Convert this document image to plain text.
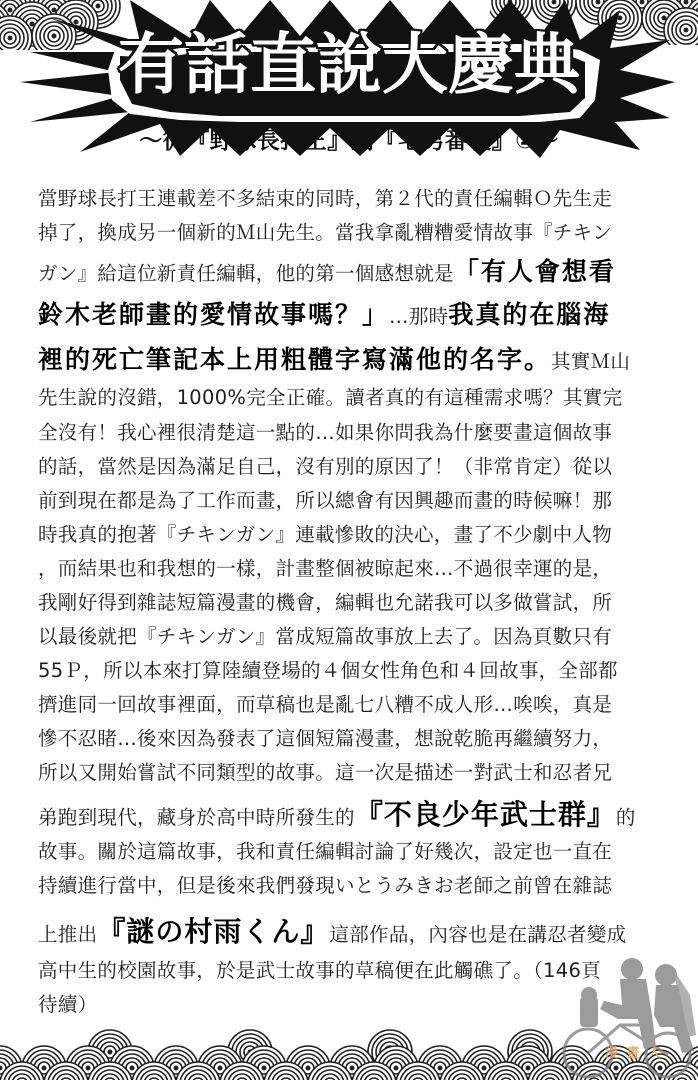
有話直說大慶典
～從『野球長打王』到『宅男番長』②～
當野球長打王連載差不多結束的同時，第２代的責任編輯Ｏ先生走
掉了，換成另一個新的Ｍ山先生。當我拿亂糟糟愛情故事『チキン
ガン』給這位新責任編輯，他的第一個感想就是「有人會想看
鈴木老師畫的愛情故事嗎？」…那時我真的在腦海
裡的死亡筆記本上用粗體字寫滿他的名字。其實Ｍ山
先生說的沒錯，1000%完全正確。讀者真的有這種需求嗎？其實完
全沒有！我心裡很清楚這一點的…如果你問我為什麼要畫這個故事
的話，當然是因為滿足自己，沒有別的原因了！（非常肯定）從以
前到現在都是為了工作而畫，所以總會有因興趣而畫的時候嘛！那
時我真的抱著『チキンガン』連載慘敗的決心，畫了不少劇中人物
，而結果也和我想的一樣，計畫整個被晾起來…不過很幸運的是，
我剛好得到雜誌短篇漫畫的機會，編輯也允諾我可以多做嘗試，所
以最後就把『チキンガン』當成短篇故事放上去了。因為頁數只有
55Ｐ，所以本來打算陸續登場的４個女性角色和４回故事，全部都
擠進同一回故事裡面，而草稿也是亂七八糟不成人形…唉唉，真是
慘不忍睹…後來因為發表了這個短篇漫畫，想說乾脆再繼續努力，
所以又開始嘗試不同類型的故事。這一次是描述一對武士和忍者兄
弟跑到現代，藏身於高中時所發生的『不良少年武士群』的
故事。關於這篇故事，我和責任編輯討論了好幾次，設定也一直在
持續進行當中，但是後來我們發現いとうみきお老師之前曾在雜誌
上推出『謎の村雨くん』這部作品，內容也是在講忍者變成
高中生的校園故事，於是武士故事的草稿便在此觸礁了。（146頁
待續）
漫 畫 人
